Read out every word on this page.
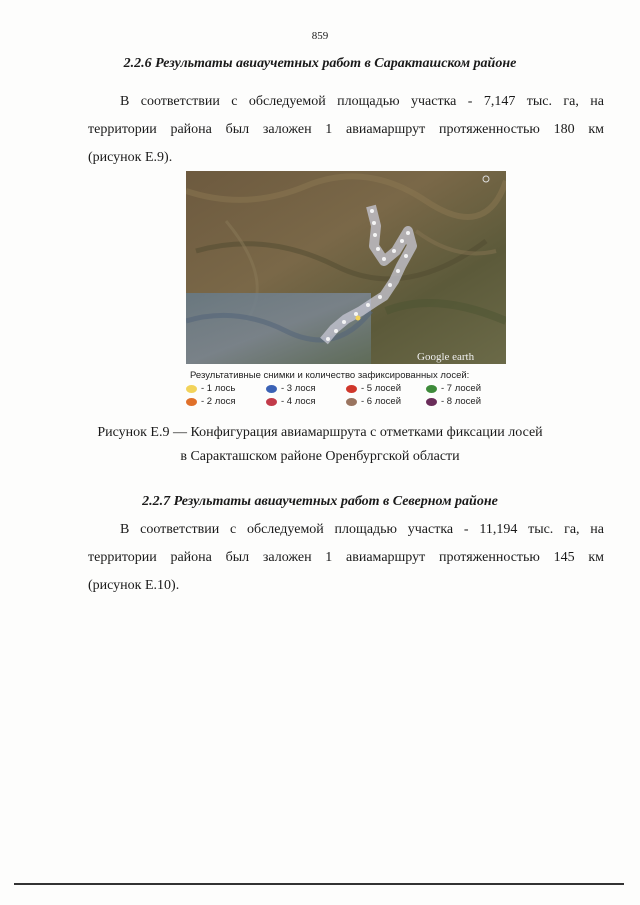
859
2.2.6 Результаты авиаучетных работ в Саракташском районе
В соответствии с обследуемой площадью участка - 7,147 тыс. га, на
территории района был заложен 1 авиамаршрут протяженностью 180 км
(рисунок Е.9).
Google earth
Результативные снимки и количество зафиксированных лосей:
- 1 лось	- 3 лося	- 5 лосей	- 7 лосей
- 2 лося	- 4 лося	- 6 лосей	- 8 лосей
Рисунок Е.9 — Конфигурация авиамаршрута с отметками фиксации лосей
в Саракташском районе Оренбургской области
2.2.7 Результаты авиаучетных работ в Северном районе
В соответствии с обследуемой площадью участка - 11,194 тыс. га, на
территории района был заложен 1 авиамаршрут протяженностью 145 км
(рисунок Е.10).
